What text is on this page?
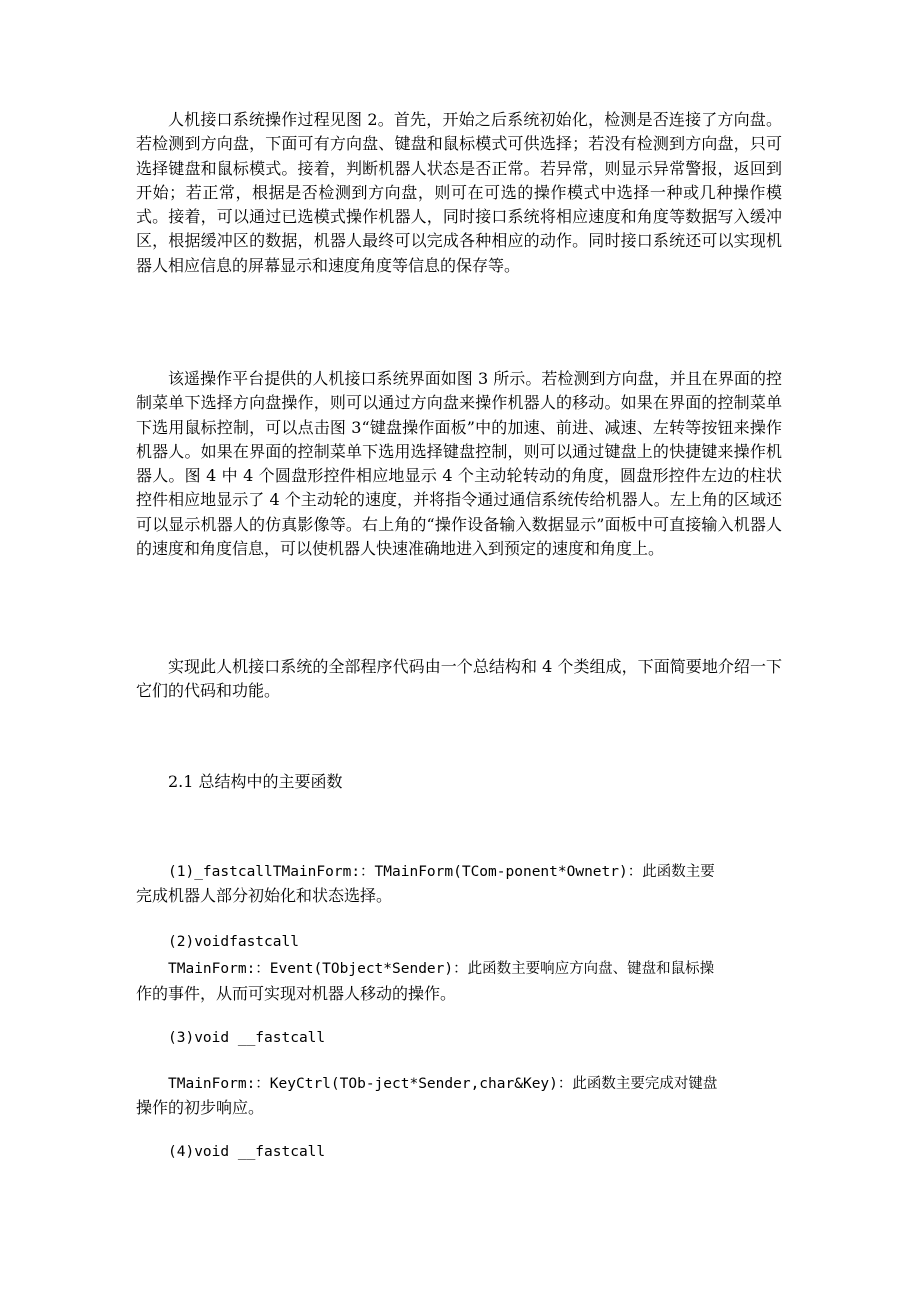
人机接口系统操作过程见图 2。首先，开始之后系统初始化，检测是否连接了方向盘。若检测到方向盘，下面可有方向盘、键盘和鼠标模式可供选择；若没有检测到方向盘，只可选择键盘和鼠标模式。接着，判断机器人状态是否正常。若异常，则显示异常警报，返回到开始；若正常，根据是否检测到方向盘，则可在可选的操作模式中选择一种或几种操作模式。接着，可以通过已选模式操作机器人，同时接口系统将相应速度和角度等数据写入缓冲区，根据缓冲区的数据，机器人最终可以完成各种相应的动作。同时接口系统还可以实现机器人相应信息的屏幕显示和速度角度等信息的保存等。

该遥操作平台提供的人机接口系统界面如图 3 所示。若检测到方向盘，并且在界面的控制菜单下选择方向盘操作，则可以通过方向盘来操作机器人的移动。如果在界面的控制菜单下选用鼠标控制，可以点击图 3“键盘操作面板”中的加速、前进、减速、左转等按钮来操作机器人。如果在界面的控制菜单下选用选择键盘控制，则可以通过键盘上的快捷键来操作机器人。图 4 中 4 个圆盘形控件相应地显示 4 个主动轮转动的角度，圆盘形控件左边的柱状控件相应地显示了 4 个主动轮的速度，并将指令通过通信系统传给机器人。左上角的区域还可以显示机器人的仿真影像等。右上角的“操作设备输入数据显示”面板中可直接输入机器人的速度和角度信息，可以使机器人快速准确地进入到预定的速度和角度上。

实现此人机接口系统的全部程序代码由一个总结构和 4 个类组成，下面简要地介绍一下它们的代码和功能。

2.1 总结构中的主要函数

(1)_fastcallTMainForm:：TMainForm(TCom-ponent*Ownetr)：此函数主要

完成机器人部分初始化和状态选择。

(2)voidfastcall

TMainForm:：Event(TObject*Sender)：此函数主要响应方向盘、键盘和鼠标操

作的事件，从而可实现对机器人移动的操作。

(3)void __fastcall

TMainForm:：KeyCtrl(TOb-ject*Sender,char&Key)：此函数主要完成对键盘

操作的初步响应。

(4)void __fastcall
